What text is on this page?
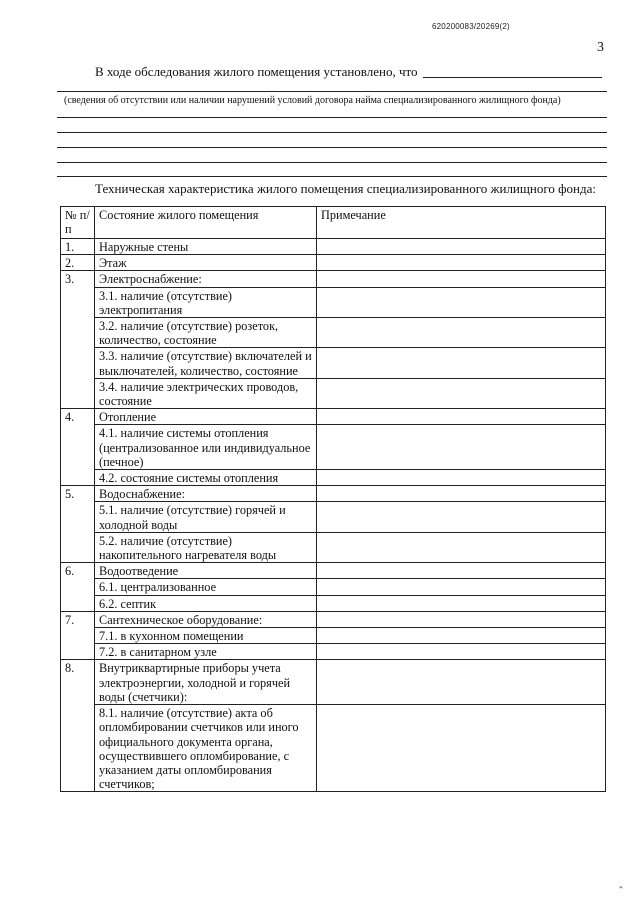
620200083/20269(2)
3
В ходе обследования жилого помещения установлено, что
(сведения об отсутствии или наличии нарушений условий договора найма специализированного жилищного фонда)
Техническая характеристика жилого помещения специализированного жилищного фонда:
№ п/п	Состояние жилого помещения	Примечание
1.	Наружные стены	
2.	Этаж	
3.	Электроснабжение:	
	3.1. наличие (отсутствие) электропитания	
	3.2. наличие (отсутствие) розеток, количество, состояние	
	3.3. наличие (отсутствие) включателей и выключателей, количество, состояние	
	3.4. наличие электрических проводов, состояние	
4.	Отопление	
	4.1. наличие системы отопления (централизованное или индивидуальное (печное)	
	4.2. состояние системы отопления	
5.	Водоснабжение:	
	5.1. наличие (отсутствие) горячей и холодной воды	
	5.2. наличие (отсутствие) накопительного нагревателя воды	
6.	Водоотведение	
	6.1. централизованное	
	6.2. септик	
7.	Сантехническое оборудование:	
	7.1. в кухонном помещении	
	7.2. в санитарном узле	
8.	Внутриквартирные приборы учета электроэнергии, холодной и горячей воды (счетчики):	
	8.1. наличие (отсутствие) акта об опломбировании счетчиков или иного официального документа органа, осуществившего опломбирование, с указанием даты опломбирования счетчиков;	
‶
